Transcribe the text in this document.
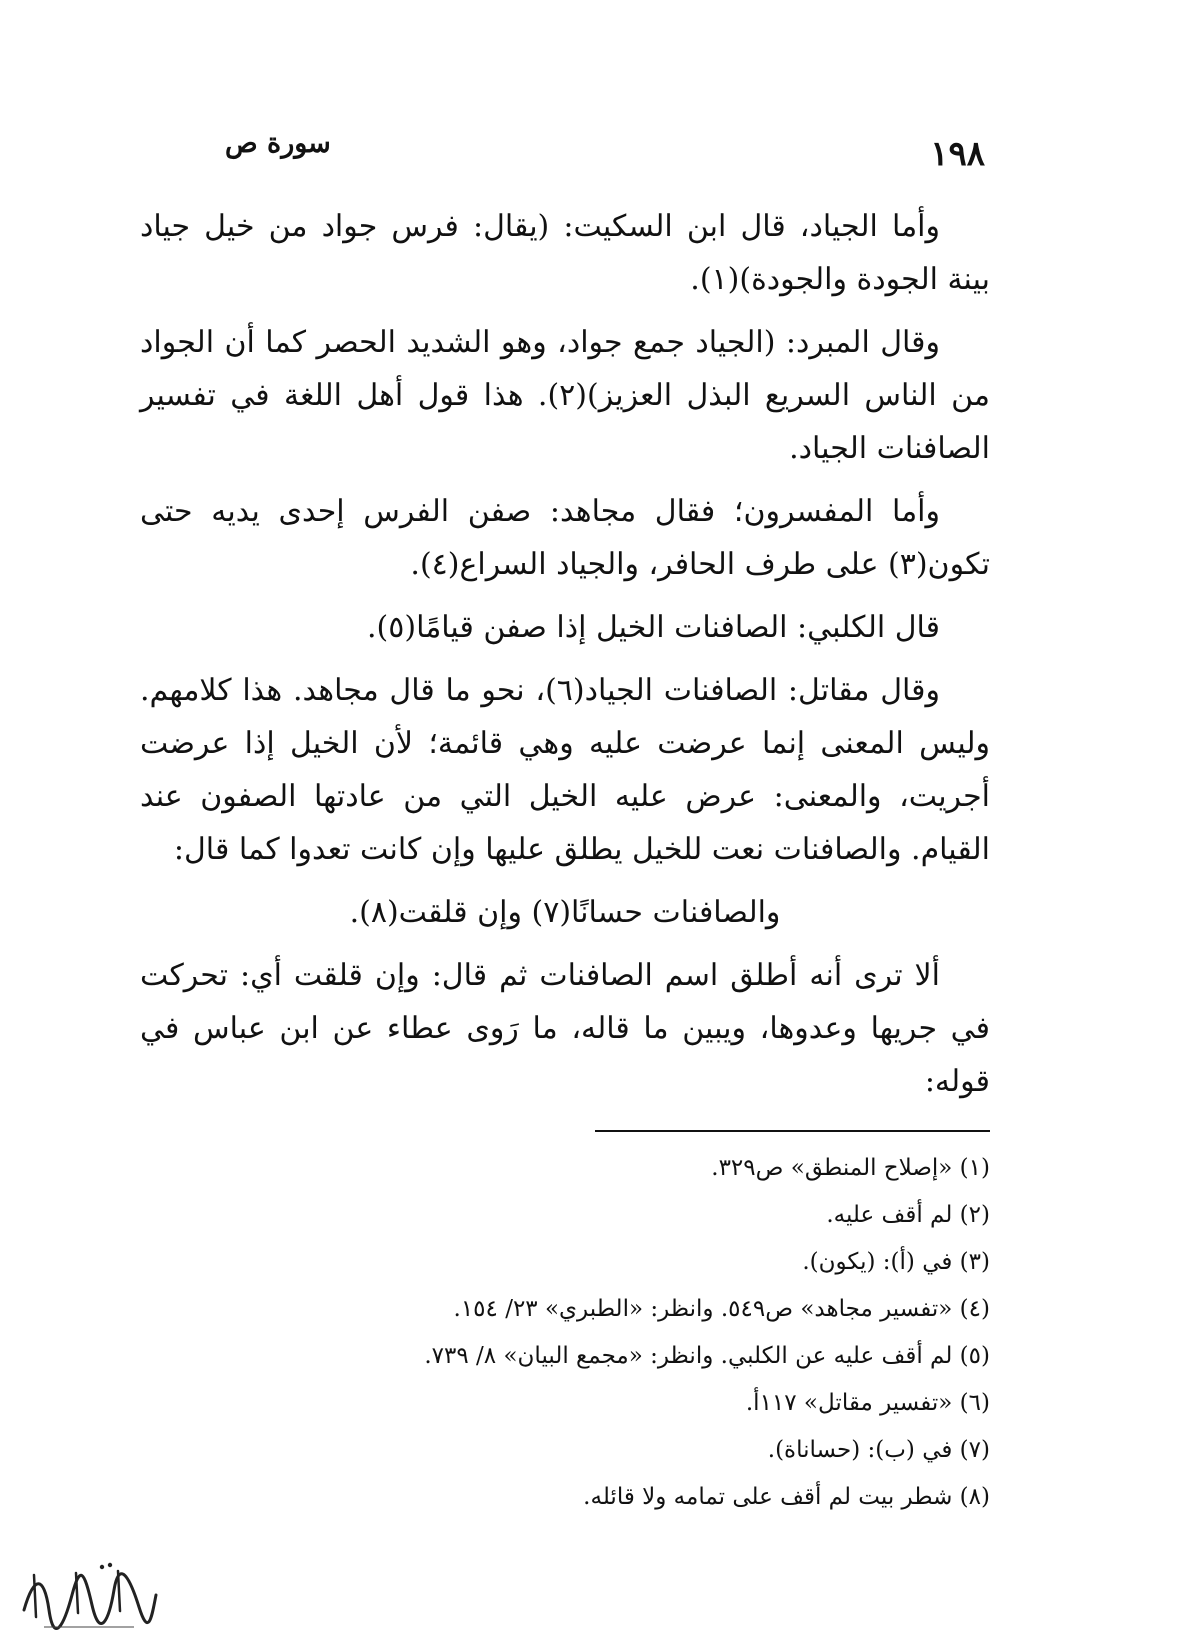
١٩٨
سورة ص

وأما الجياد، قال ابن السكيت: (يقال: فرس جواد من خيل جياد بينة الجودة والجودة)(١).

وقال المبرد: (الجياد جمع جواد، وهو الشديد الحصر كما أن الجواد من الناس السريع البذل العزيز)(٢). هذا قول أهل اللغة في تفسير الصافنات الجياد.

وأما المفسرون؛ فقال مجاهد: صفن الفرس إحدى يديه حتى تكون(٣) على طرف الحافر، والجياد السراع(٤).

قال الكلبي: الصافنات الخيل إذا صفن قيامًا(٥).

وقال مقاتل: الصافنات الجياد(٦)، نحو ما قال مجاهد. هذا كلامهم. وليس المعنى إنما عرضت عليه وهي قائمة؛ لأن الخيل إذا عرضت أجريت، والمعنى: عرض عليه الخيل التي من عادتها الصفون عند القيام. والصافنات نعت للخيل يطلق عليها وإن كانت تعدوا كما قال:

والصافنات حسانًا(٧) وإن قلقت(٨).

ألا ترى أنه أطلق اسم الصافنات ثم قال: وإن قلقت أي: تحركت في جريها وعدوها، ويبين ما قاله، ما رَوى عطاء عن ابن عباس في قوله:

(١) «إصلاح المنطق» ص٣٢٩.
(٢) لم أقف عليه.
(٣) في (أ): (يكون).
(٤) «تفسير مجاهد» ص٥٤٩. وانظر: «الطبري» ٢٣/ ١٥٤.
(٥) لم أقف عليه عن الكلبي. وانظر: «مجمع البيان» ٨/ ٧٣٩.
(٦) «تفسير مقاتل» ١١٧أ.
(٧) في (ب): (حساناة).
(٨) شطر بيت لم أقف على تمامه ولا قائله.
